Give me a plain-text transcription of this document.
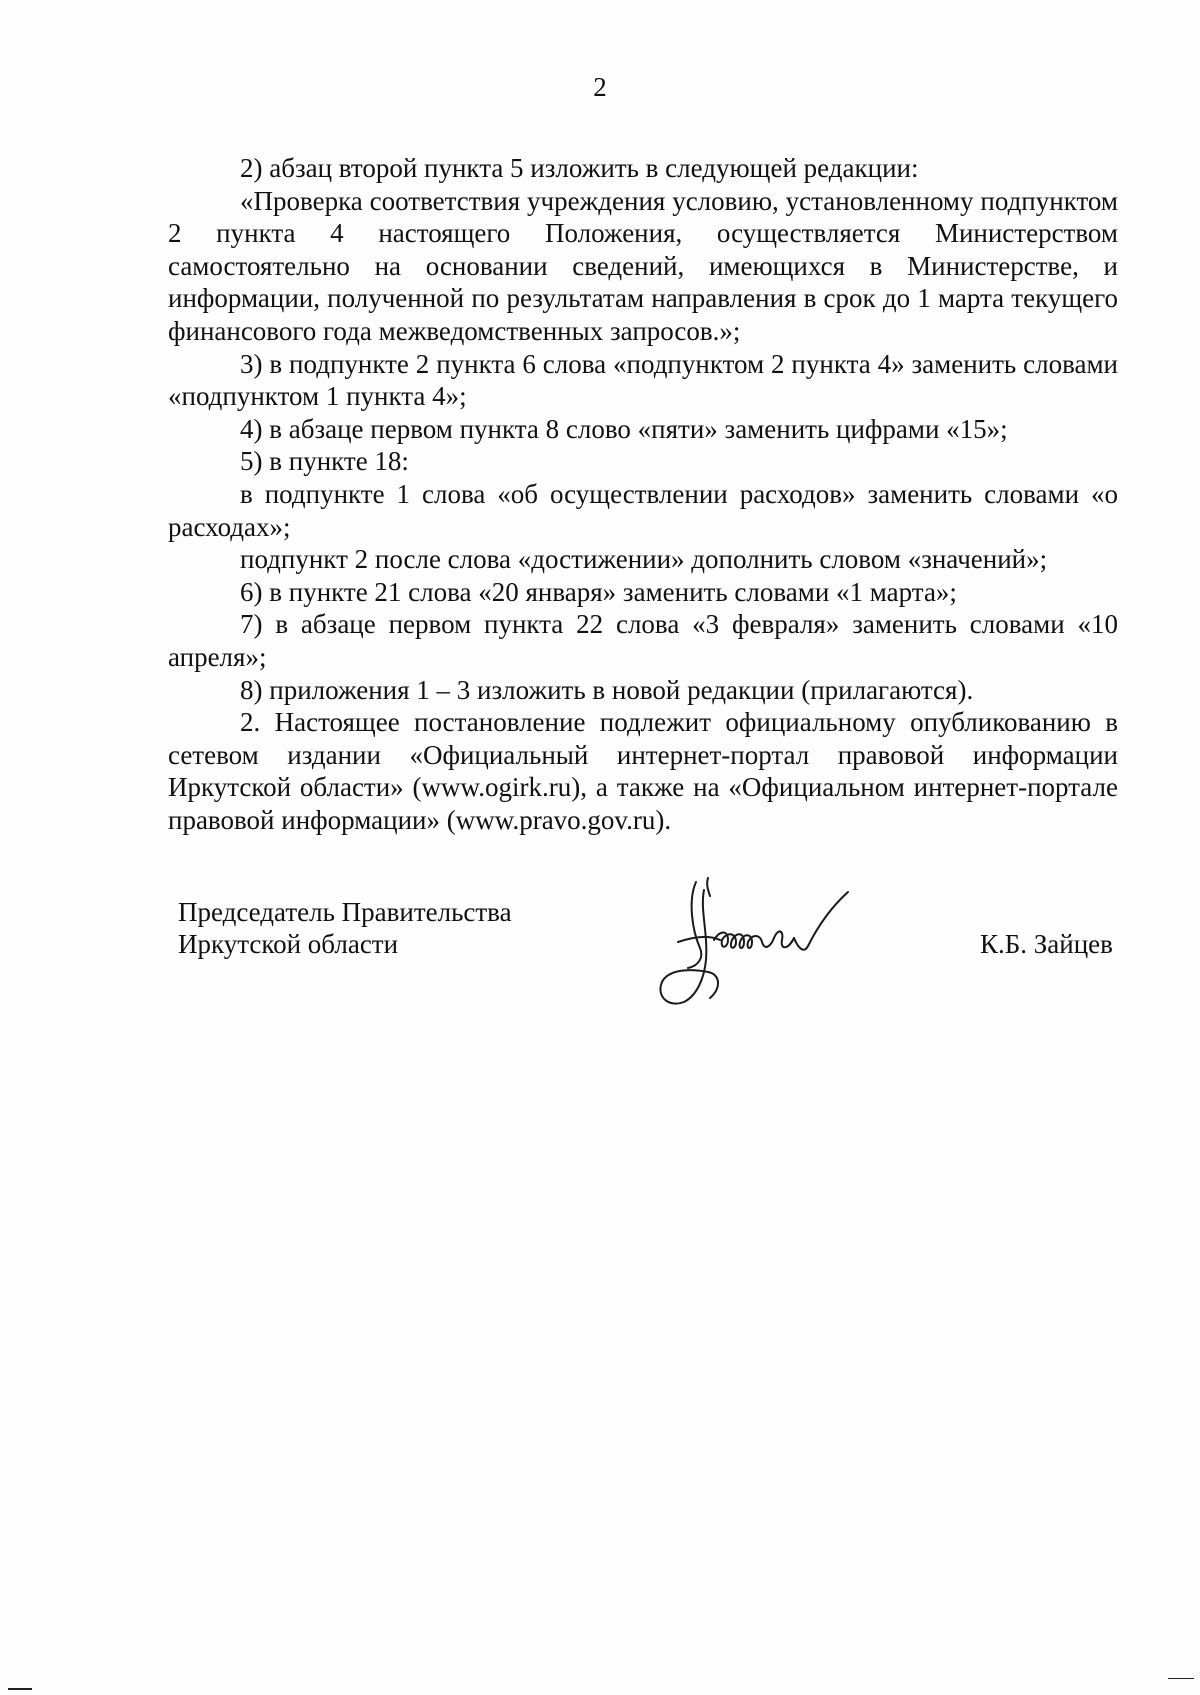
2

2) абзац второй пункта 5 изложить в следующей редакции:

«Проверка соответствия учреждения условию, установленному подпунктом 2 пункта 4 настоящего Положения, осуществляется Министерством самостоятельно на основании сведений, имеющихся в Министерстве, и информации, полученной по результатам направления в срок до 1 марта текущего финансового года межведомственных запросов.»;

3) в подпункте 2 пункта 6 слова «подпунктом 2 пункта 4» заменить словами «подпунктом 1 пункта 4»;

4) в абзаце первом пункта 8 слово «пяти» заменить цифрами «15»;

5) в пункте 18:

в подпункте 1 слова «об осуществлении расходов» заменить словами «о расходах»;

подпункт 2 после слова «достижении» дополнить словом «значений»;

6) в пункте 21 слова «20 января» заменить словами «1 марта»;

7) в абзаце первом пункта 22 слова «3 февраля» заменить словами «10 апреля»;

8) приложения 1 – 3 изложить в новой редакции (прилагаются).

2. Настоящее постановление подлежит официальному опубликованию в сетевом издании «Официальный интернет-портал правовой информации Иркутской области» (www.ogirk.ru), а также на «Официальном интернет-портале правовой информации» (www.pravo.gov.ru).

Председатель Правительства
Иркутской области	К.Б. Зайцев
